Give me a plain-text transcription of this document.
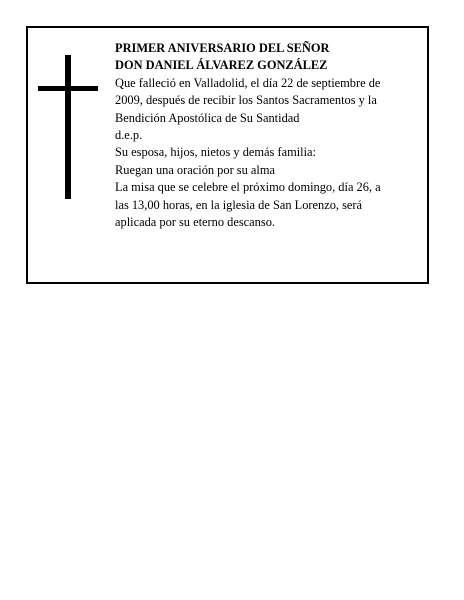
PRIMER ANIVERSARIO DEL SEÑOR
DON DANIEL ÁLVAREZ GONZÁLEZ
Que falleció en Valladolid, el día 22 de septiembre de
2009, después de recibir los Santos Sacramentos y la
Bendición Apostólica de Su Santidad
d.e.p.
Su esposa, hijos, nietos y demás familia:
Ruegan una oración por su alma
La misa que se celebre el próximo domingo, día 26, a
las 13,00 horas, en la iglesia de San Lorenzo, será
aplicada por su eterno descanso.
